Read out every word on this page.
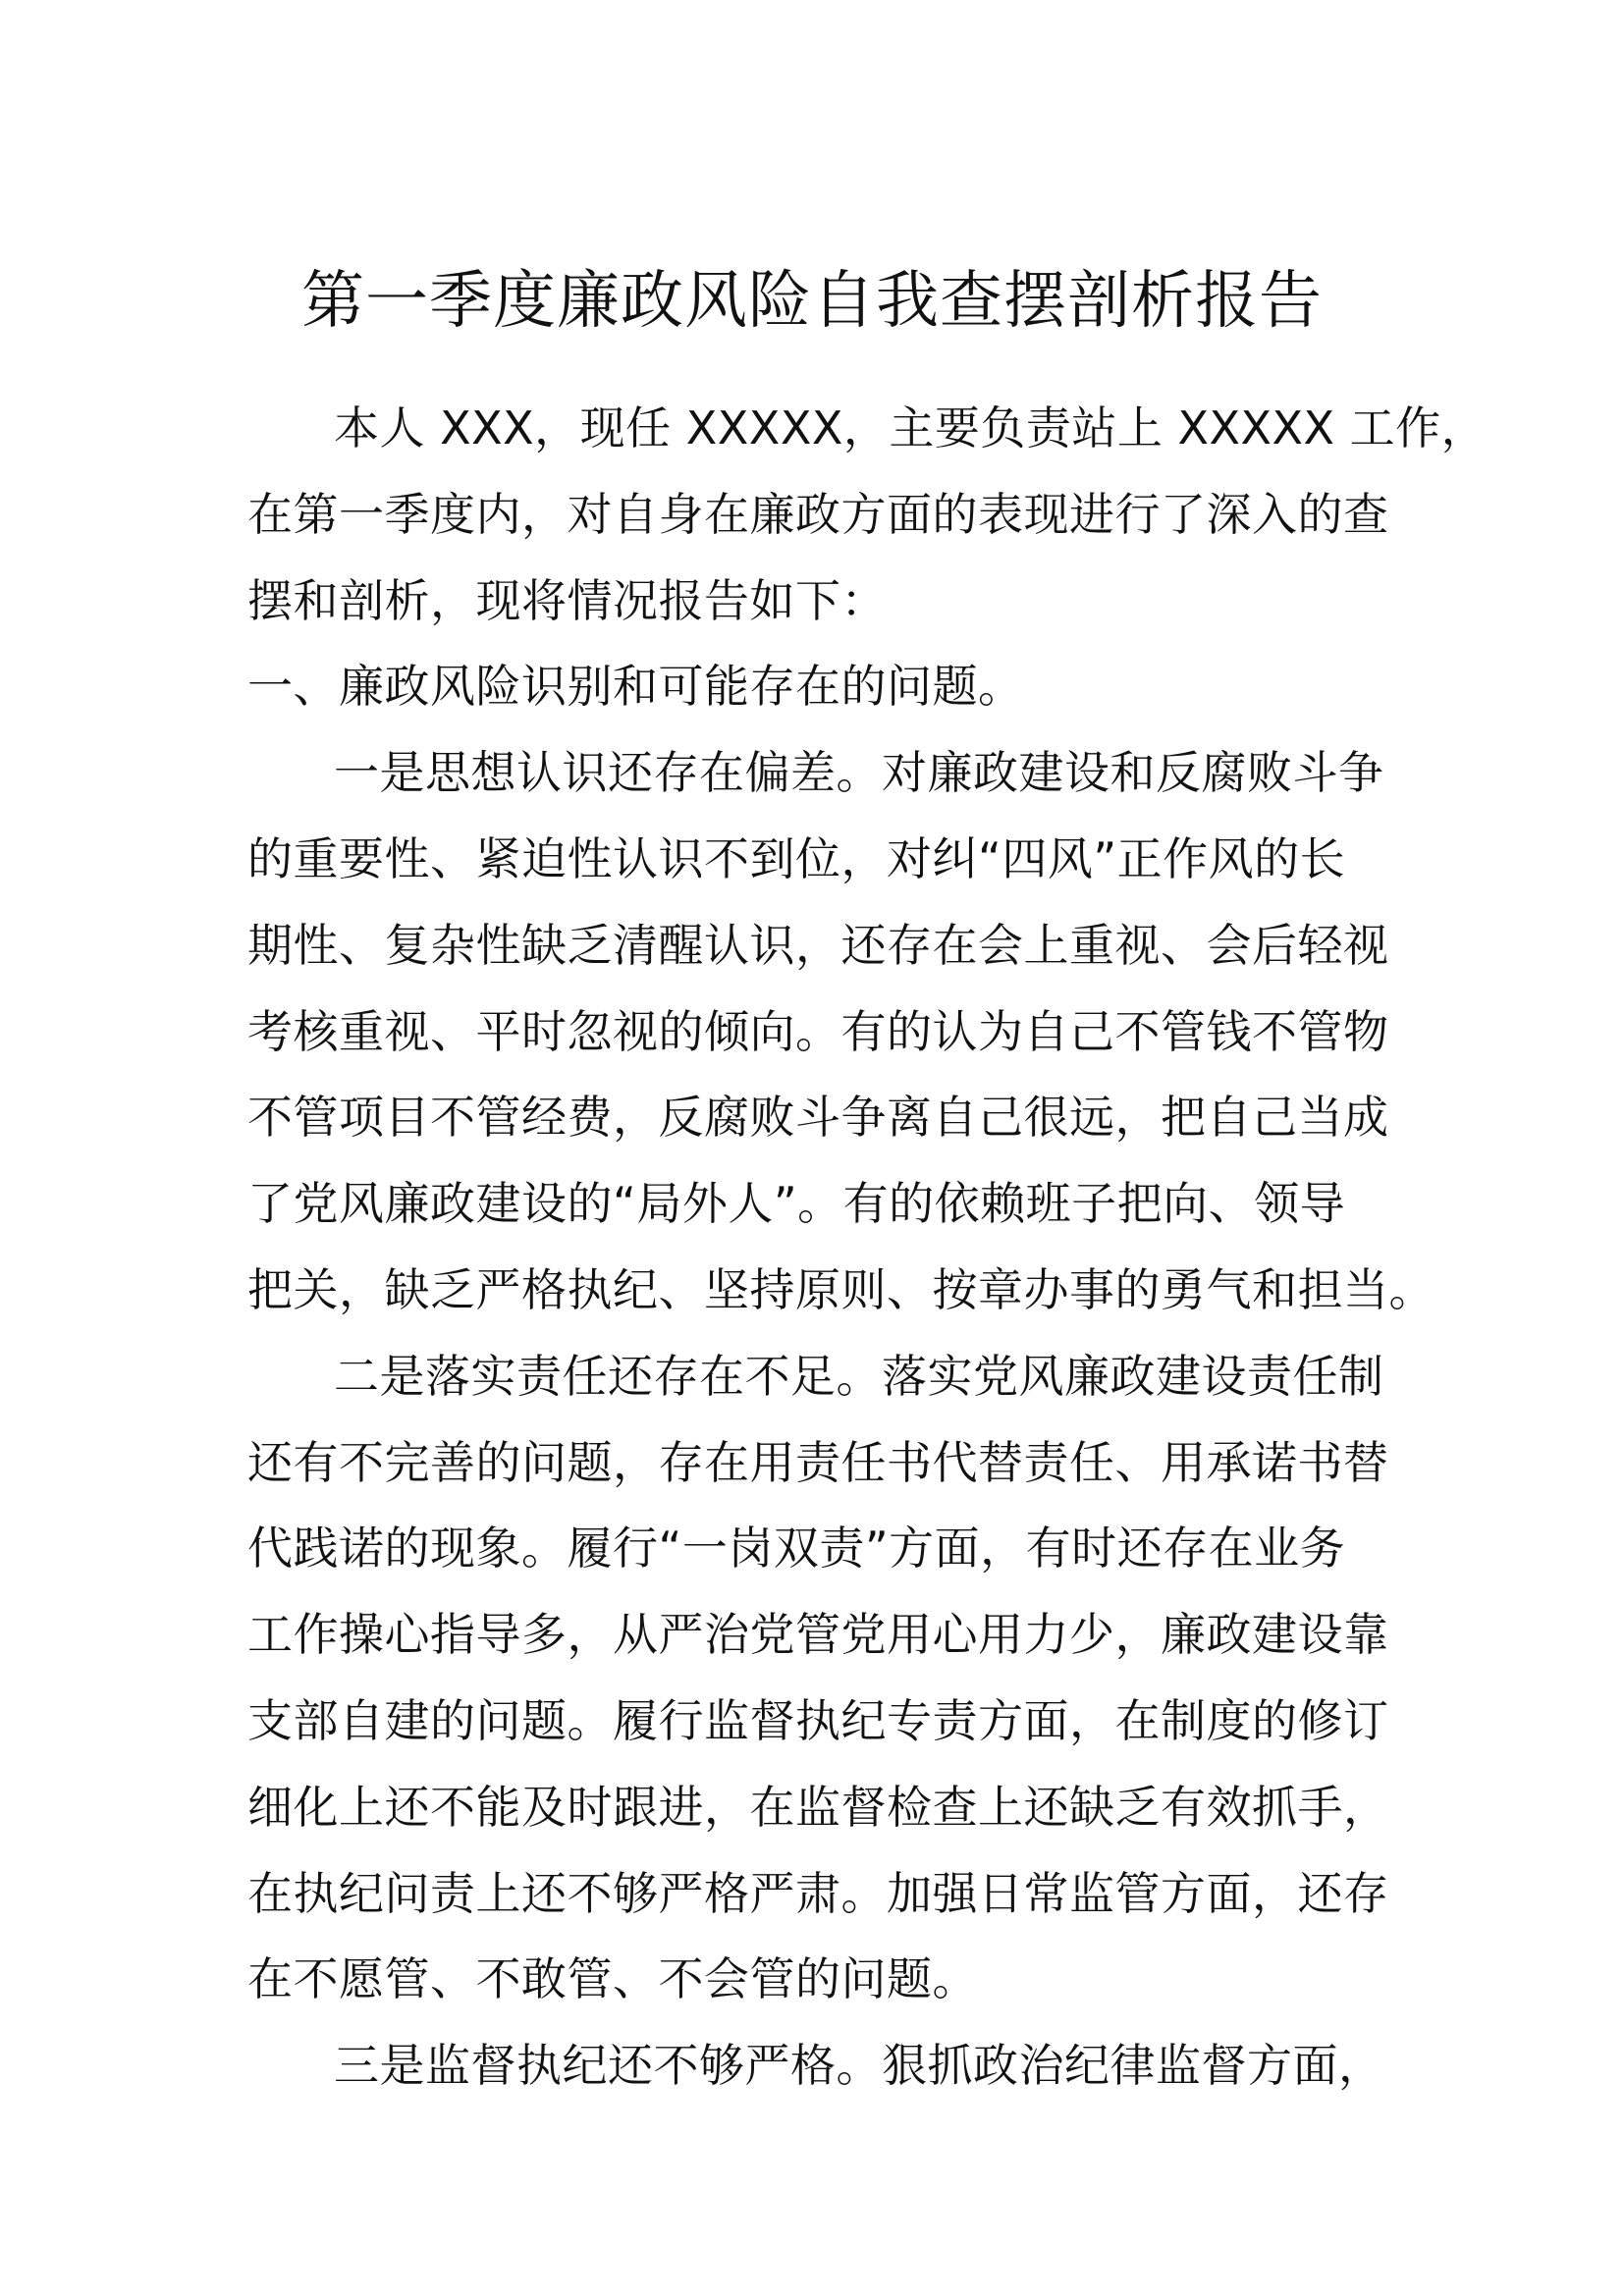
第一季度廉政风险自我查摆剖析报告
本人 XXX，现任 XXXXX，主要负责站上 XXXXX 工作，
在第一季度内，对自身在廉政方面的表现进行了深入的查
摆和剖析，现将情况报告如下：
一、廉政风险识别和可能存在的问题。
一是思想认识还存在偏差。对廉政建设和反腐败斗争
的重要性、紧迫性认识不到位，对纠“四风”正作风的长
期性、复杂性缺乏清醒认识，还存在会上重视、会后轻视
考核重视、平时忽视的倾向。有的认为自己不管钱不管物
不管项目不管经费，反腐败斗争离自己很远，把自己当成
了党风廉政建设的“局外人”。有的依赖班子把向、领导
把关，缺乏严格执纪、坚持原则、按章办事的勇气和担当。
二是落实责任还存在不足。落实党风廉政建设责任制
还有不完善的问题，存在用责任书代替责任、用承诺书替
代践诺的现象。履行“一岗双责”方面，有时还存在业务
工作操心指导多，从严治党管党用心用力少，廉政建设靠
支部自建的问题。履行监督执纪专责方面，在制度的修订
细化上还不能及时跟进，在监督检查上还缺乏有效抓手，
在执纪问责上还不够严格严肃。加强日常监管方面，还存
在不愿管、不敢管、不会管的问题。
三是监督执纪还不够严格。狠抓政治纪律监督方面，
